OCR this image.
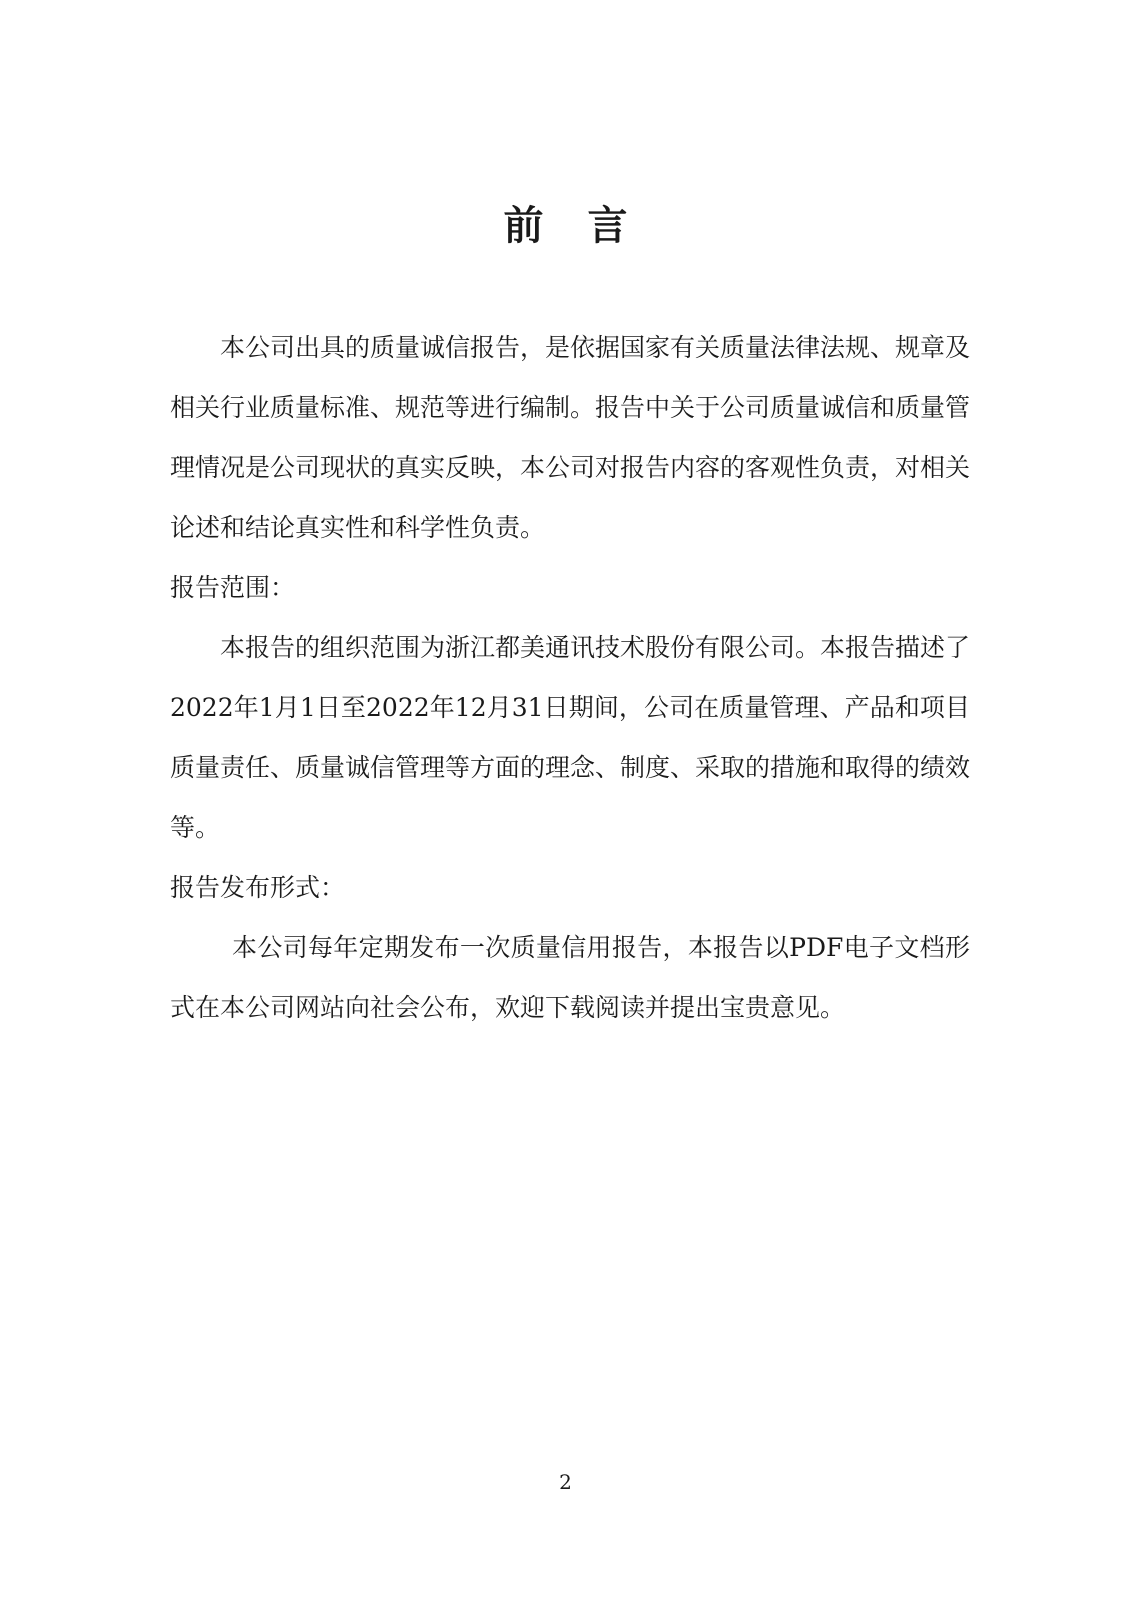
前言

本公司出具的质量诚信报告，是依据国家有关质量法律法规、规章及相关行业质量标准、规范等进行编制。报告中关于公司质量诚信和质量管理情况是公司现状的真实反映，本公司对报告内容的客观性负责，对相关论述和结论真实性和科学性负责。

报告范围：

本报告的组织范围为浙江都美通讯技术股份有限公司。本报告描述了2022年1月1日至2022年12月31日期间，公司在质量管理、产品和项目质量责任、质量诚信管理等方面的理念、制度、采取的措施和取得的绩效等。

报告发布形式：

本公司每年定期发布一次质量信用报告，本报告以PDF电子文档形式在本公司网站向社会公布，欢迎下载阅读并提出宝贵意见。

2
